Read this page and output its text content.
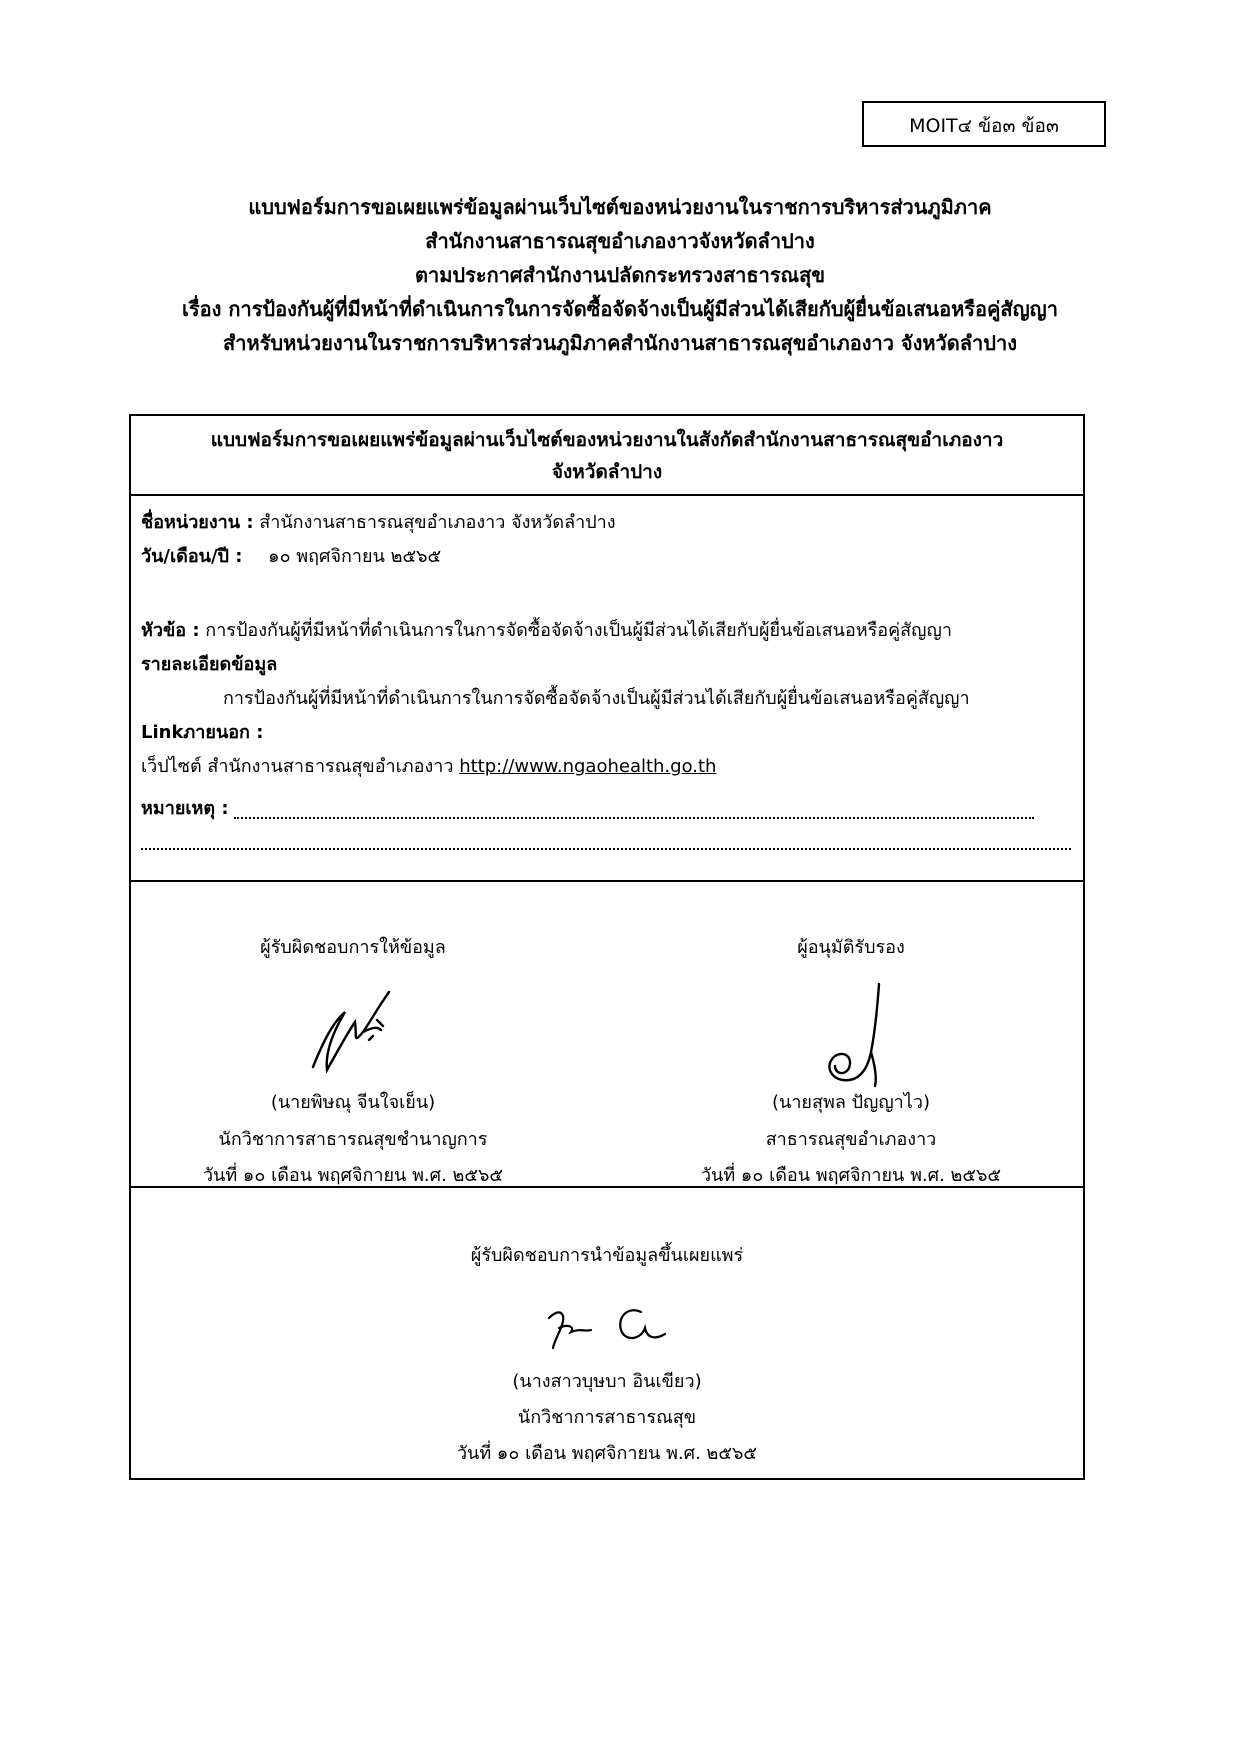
MOIT๔ ข้อ๓ ข้อ๓
แบบฟอร์มการขอเผยแพร่ข้อมูลผ่านเว็บไซต์ของหน่วยงานในราชการบริหารส่วนภูมิภาค
สำนักงานสาธารณสุขอำเภองาวจังหวัดลำปาง
ตามประกาศสำนักงานปลัดกระทรวงสาธารณสุข
เรื่อง การป้องกันผู้ที่มีหน้าที่ดำเนินการในการจัดซื้อจัดจ้างเป็นผู้มีส่วนได้เสียกับผู้ยื่นข้อเสนอหรือคู่สัญญา
สำหรับหน่วยงานในราชการบริหารส่วนภูมิภาคสำนักงานสาธารณสุขอำเภองาว จังหวัดลำปาง
แบบฟอร์มการขอเผยแพร่ข้อมูลผ่านเว็บไซต์ของหน่วยงานในสังกัดสำนักงานสาธารณสุขอำเภองาว
จังหวัดลำปาง
ชื่อหน่วยงาน : สำนักงานสาธารณสุขอำเภองาว จังหวัดลำปาง
วัน/เดือน/ปี : ๑๐ พฤศจิกายน ๒๕๖๕
หัวข้อ : การป้องกันผู้ที่มีหน้าที่ดำเนินการในการจัดซื้อจัดจ้างเป็นผู้มีส่วนได้เสียกับผู้ยื่นข้อเสนอหรือคู่สัญญา
รายละเอียดข้อมูล
การป้องกันผู้ที่มีหน้าที่ดำเนินการในการจัดซื้อจัดจ้างเป็นผู้มีส่วนได้เสียกับผู้ยื่นข้อเสนอหรือคู่สัญญา
Linkภายนอก :
เว็ปไซต์ สำนักงานสาธารณสุขอำเภองาว http://www.ngaohealth.go.th
หมายเหตุ :
ผู้รับผิดชอบการให้ข้อมูล
(นายพิษณุ จีนใจเย็น)
นักวิชาการสาธารณสุขชำนาญการ
วันที่ ๑๐ เดือน พฤศจิกายน พ.ศ. ๒๕๖๕
ผู้อนุมัติรับรอง
(นายสุพล ปัญญาไว)
สาธารณสุขอำเภองาว
วันที่ ๑๐ เดือน พฤศจิกายน พ.ศ. ๒๕๖๕
ผู้รับผิดชอบการนำข้อมูลขึ้นเผยแพร่
(นางสาวบุษบา อินเขียว)
นักวิชาการสาธารณสุข
วันที่ ๑๐ เดือน พฤศจิกายน พ.ศ. ๒๕๖๕
